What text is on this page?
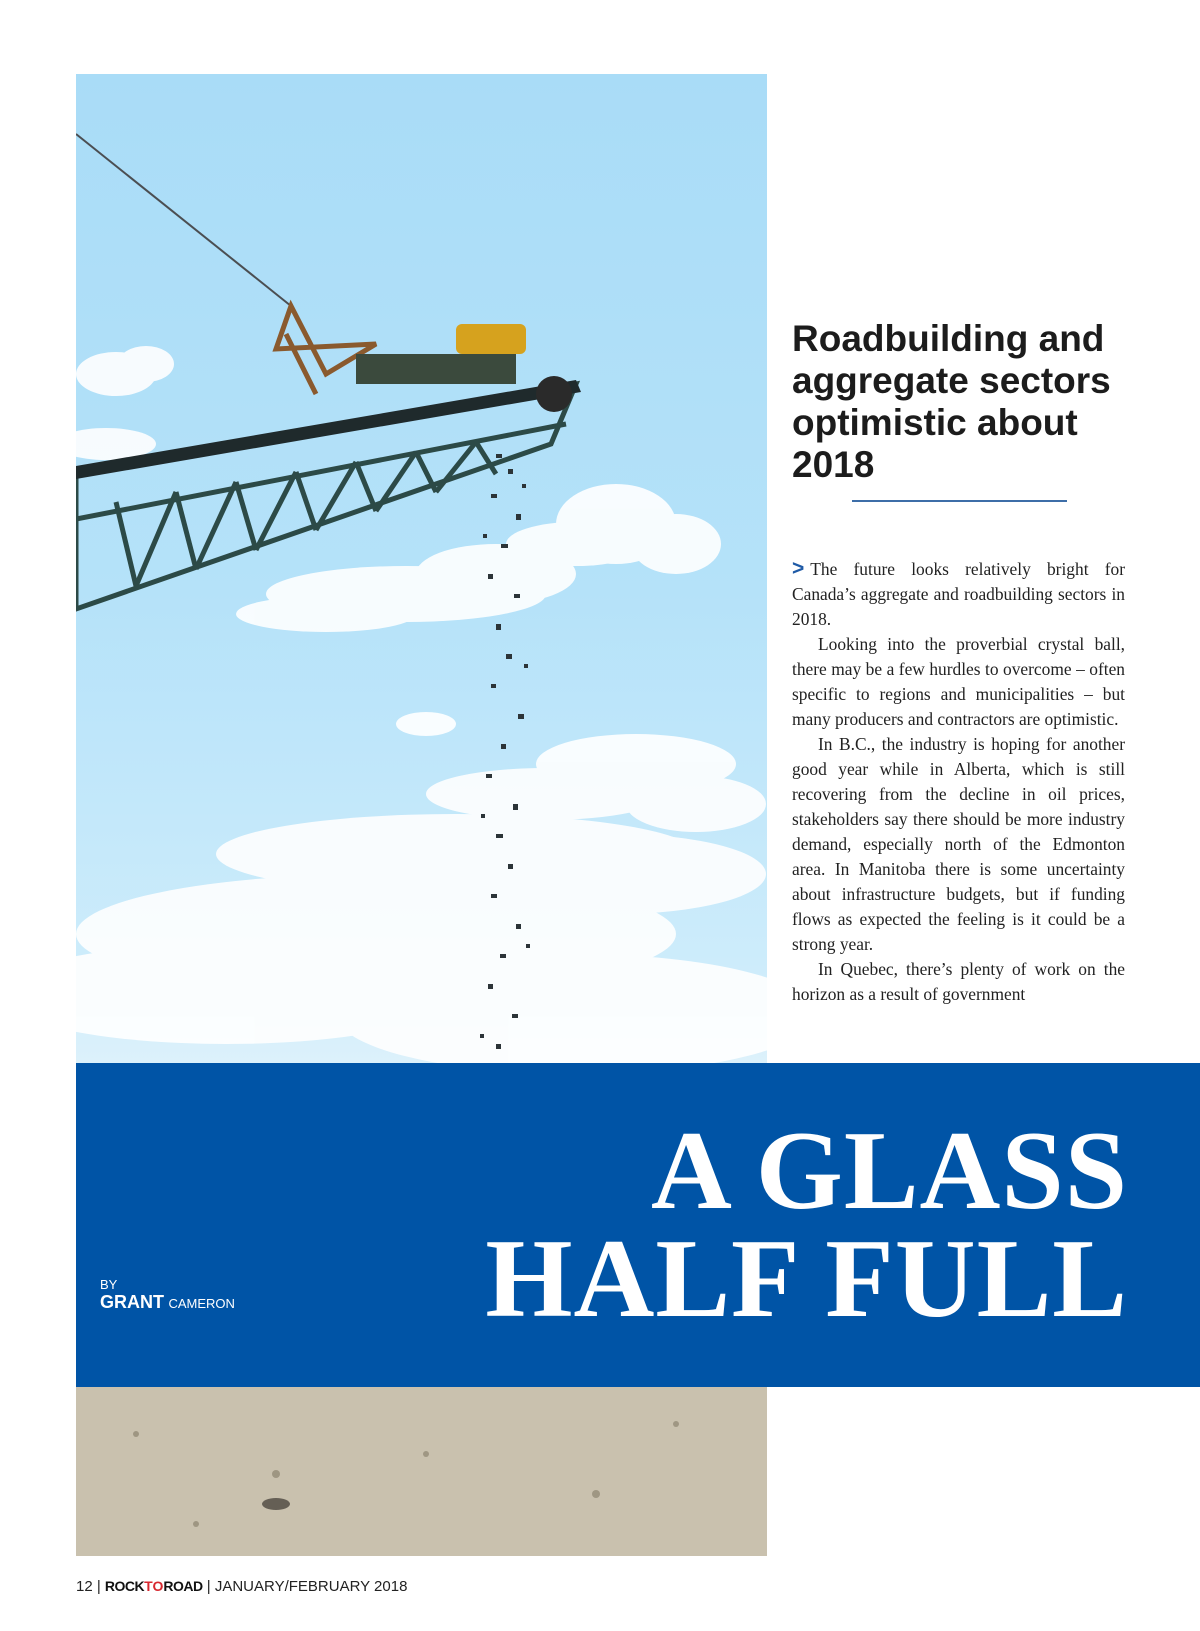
Roadbuilding and aggregate sectors optimistic about 2018

> The future looks relatively bright for Canada’s aggregate and roadbuilding sectors in 2018.

Looking into the proverbial crystal ball, there may be a few hurdles to overcome – often specific to regions and municipalities – but many producers and contractors are optimistic.

In B.C., the industry is hoping for another good year while in Alberta, which is still recovering from the decline in oil prices, stakeholders say there should be more industry demand, especially north of the Edmonton area. In Manitoba there is some uncertainty about infrastructure budgets, but if funding flows as expected the feeling is it could be a strong year.

In Quebec, there’s plenty of work on the horizon as a result of government

BY
GRANT CAMERON
A GLASS
HALF FULL
12 | ROCKTOROAD | JANUARY/FEBRUARY 2018
